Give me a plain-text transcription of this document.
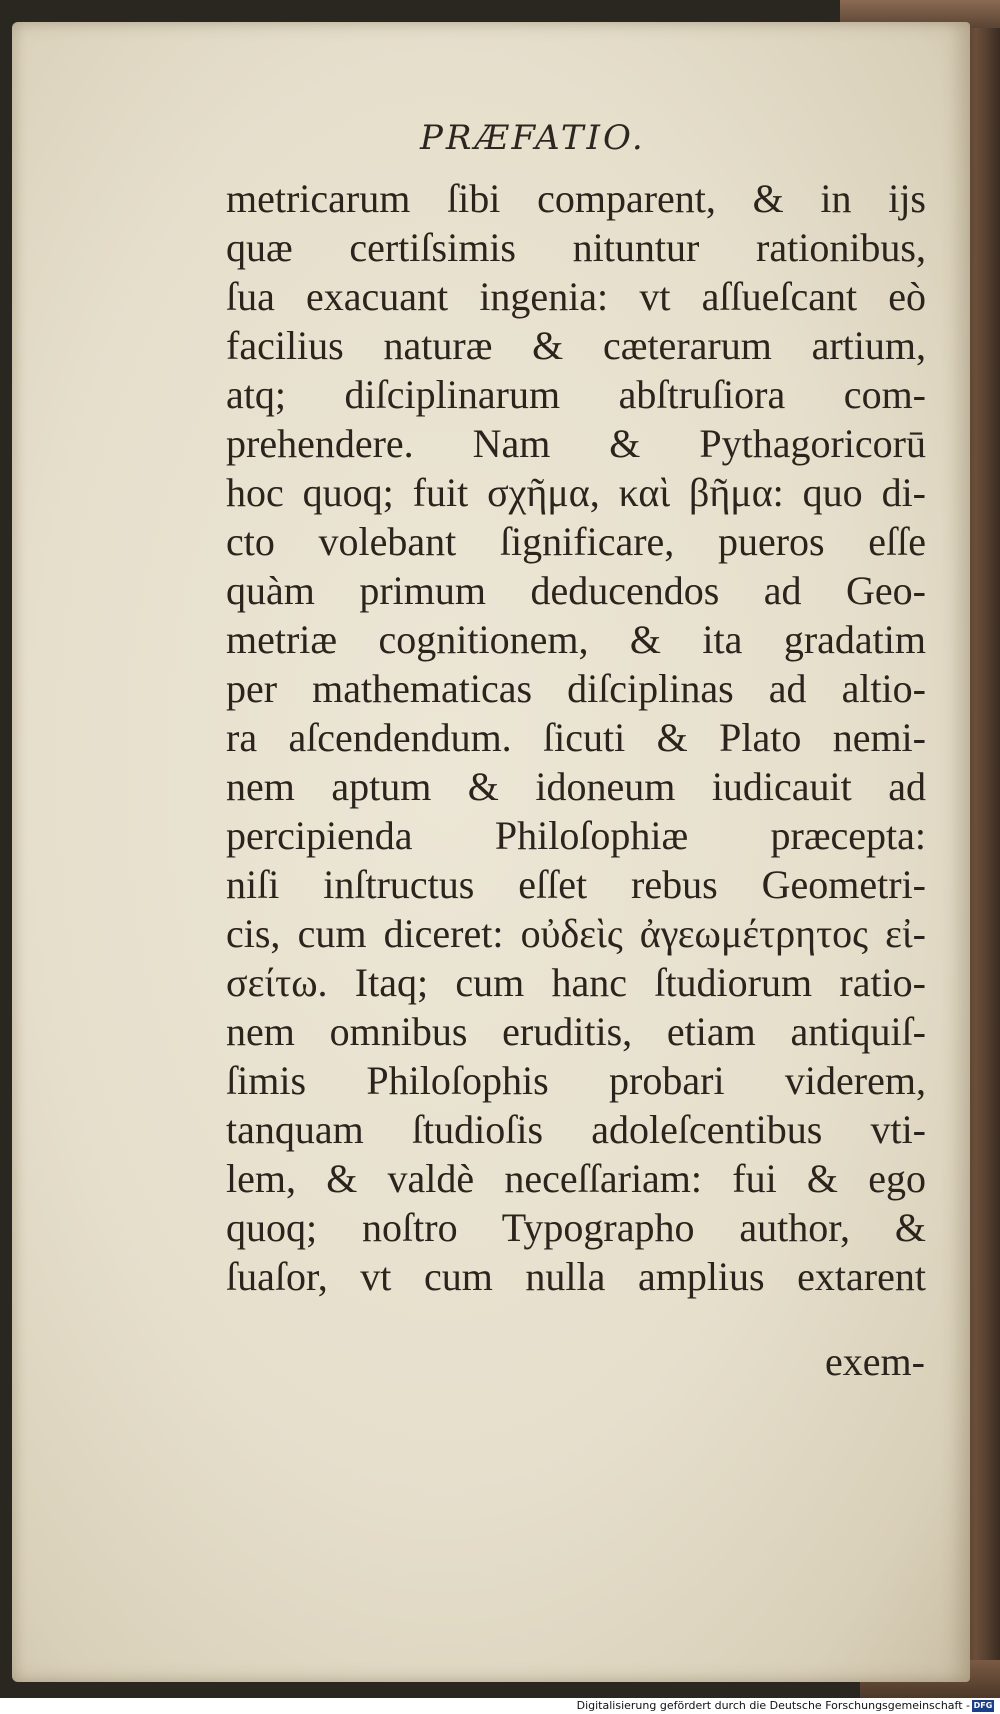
PRÆFATIO.
metricarum ſibi comparent, & in ijs
quæ certiſsimis nituntur rationibus,
ſua exacuant ingenia: vt aſſueſcant eò
facilius naturæ & cæterarum artium,
atq; diſciplinarum abſtruſiora com-
prehendere. Nam & Pythagoricorū
hoc quoq; fuit σχῆμα, καὶ βῆμα: quo di-
cto volebant ſignificare, pueros eſſe
quàm primum deducendos ad Geo-
metriæ cognitionem, & ita gradatim
per mathematicas diſciplinas ad altio-
ra aſcendendum. ſicuti & Plato nemi-
nem aptum & idoneum iudicauit ad
percipienda Philoſophiæ præcepta:
niſi inſtructus eſſet rebus Geometri-
cis, cum diceret: οὐδεὶς ἀγεωμέτρητος εἰ-
σείτω. Itaq; cum hanc ſtudiorum ratio-
nem omnibus eruditis, etiam antiquiſ-
ſimis Philoſophis probari viderem,
tanquam ſtudioſis adoleſcentibus vti-
lem, & valdè neceſſariam: fui & ego
quoq; noſtro Typographo author, &
ſuaſor, vt cum nulla amplius extarent
exem-
Digitalisierung gefördert durch die Deutsche Forschungsgemeinschaft - DFG
